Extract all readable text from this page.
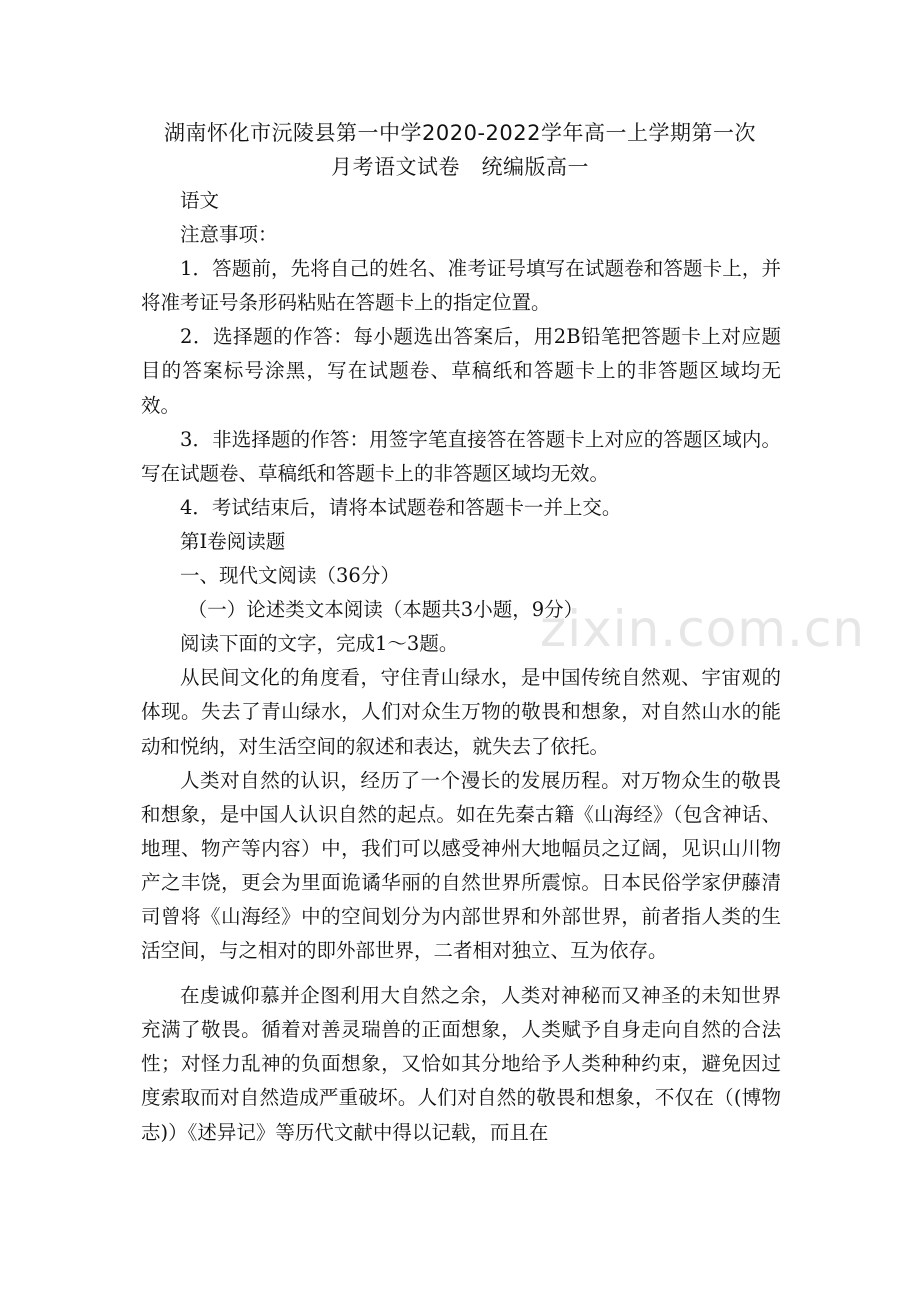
湖南怀化市沅陵县第一中学2020-2022学年高一上学期第一次
月考语文试卷　统编版高一

语文

注意事项：

1．答题前，先将自己的姓名、准考证号填写在试题卷和答题卡上，并将准考证号条形码粘贴在答题卡上的指定位置。

2．选择题的作答：每小题选出答案后，用2B铅笔把答题卡上对应题目的答案标号涂黑，写在试题卷、草稿纸和答题卡上的非答题区域均无效。

3．非选择题的作答：用签字笔直接答在答题卡上对应的答题区域内。写在试题卷、草稿纸和答题卡上的非答题区域均无效。

4．考试结束后，请将本试题卷和答题卡一并上交。

第Ⅰ卷阅读题

一、现代文阅读（36分）

（一）论述类文本阅读（本题共3小题，9分）

阅读下面的文字，完成1～3题。

从民间文化的角度看，守住青山绿水，是中国传统自然观、宇宙观的体现。失去了青山绿水，人们对众生万物的敬畏和想象，对自然山水的能动和悦纳，对生活空间的叙述和表达，就失去了依托。

人类对自然的认识，经历了一个漫长的发展历程。对万物众生的敬畏和想象，是中国人认识自然的起点。如在先秦古籍《山海经》（包含神话、地理、物产等内容）中，我们可以感受神州大地幅员之辽阔，见识山川物产之丰饶，更会为里面诡谲华丽的自然世界所震惊。日本民俗学家伊藤清司曾将《山海经》中的空间划分为内部世界和外部世界，前者指人类的生活空间，与之相对的即外部世界，二者相对独立、互为依存。

在虔诚仰慕并企图利用大自然之余，人类对神秘而又神圣的未知世界充满了敬畏。循着对善灵瑞兽的正面想象，人类赋予自身走向自然的合法性；对怪力乱神的负面想象，又恰如其分地给予人类种种约束，避免因过度索取而对自然造成严重破坏。人们对自然的敬畏和想象，不仅在（(博物志)）《述异记》等历代文献中得以记载，而且在

zixin.com.cn
